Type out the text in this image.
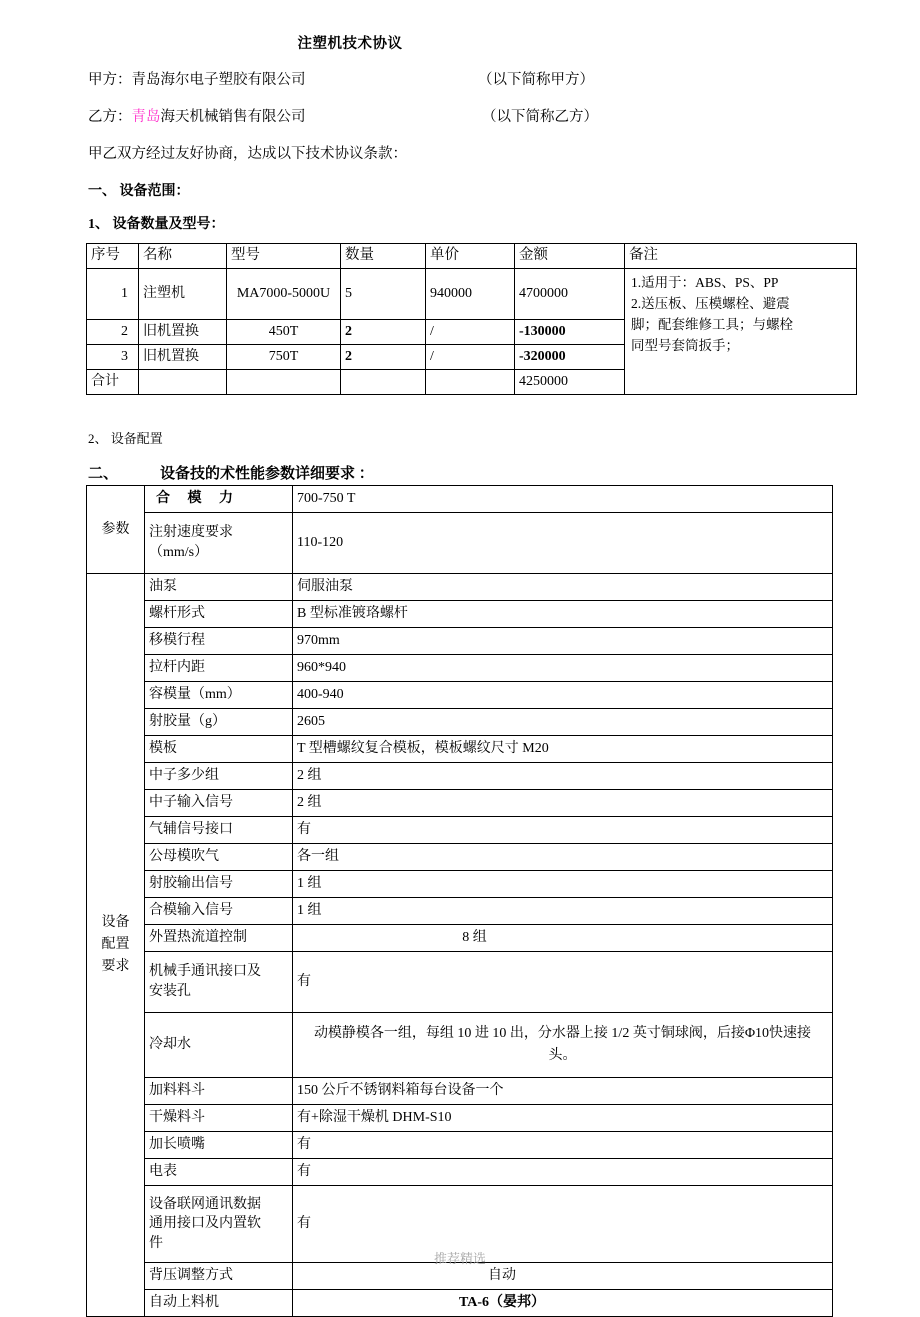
注塑机技术协议
甲方：青岛海尔电子塑胶有限公司	（以下简称甲方）
乙方：青岛海天机械销售有限公司	（以下简称乙方）
甲乙双方经过友好协商，达成以下技术协议条款：
一、 设备范围：
1、 设备数量及型号：
序号	名称	型号	数量	单价	金额	备注
1	注塑机	MA7000-5000U	5	940000	4700000	1.适用于：ABS、PS、PP
2.送压板、压模螺栓、避震
脚；配套维修工具；与螺栓
同型号套筒扳手；

2	旧机置换	450T	2	/	-130000	
3	旧机置换	750T	2	/	-320000	
合计					4250000	
2、 设备配置
二、	设备技的术性能参数详细要求 ：
参数	合 模 力	700-750 T

	注射速度要求
（mm/s）	110-120

设备
配置
要求	油泵	伺服油泵
	螺杆形式	B 型标准镀珞螺杆
	移模行程	970mm
	拉杆内距	960*940
	容模量（mm）	400-940
	射胶量（g）	2605
	模板	T 型槽螺纹复合模板，模板螺纹尺寸 M20
	中子多少组	2 组
	中子输入信号	2 组
	气辅信号接口	有
	公母模吹气	各一组
	射胶输出信号	1 组
	合模输入信号	1 组
	外置热流道控制	8 组

	机械手通讯接口及
安装孔	有
	冷却水	动模静模各一组，每组 10 进 10 出，分水器上接 1/2 英寸铜球阀，后接Φ10快速接头。
	加料料斗	150 公斤不锈钢料箱每台设备一个
	干燥料斗	有+除湿干燥机 DHM-S10
	加长喷嘴	有
	电表	有

	设备联网通讯数据
通用接口及内置软
件	有
	背压调整方式	自动
	自动上料机	TA-6（晏邦）
推荐精选
